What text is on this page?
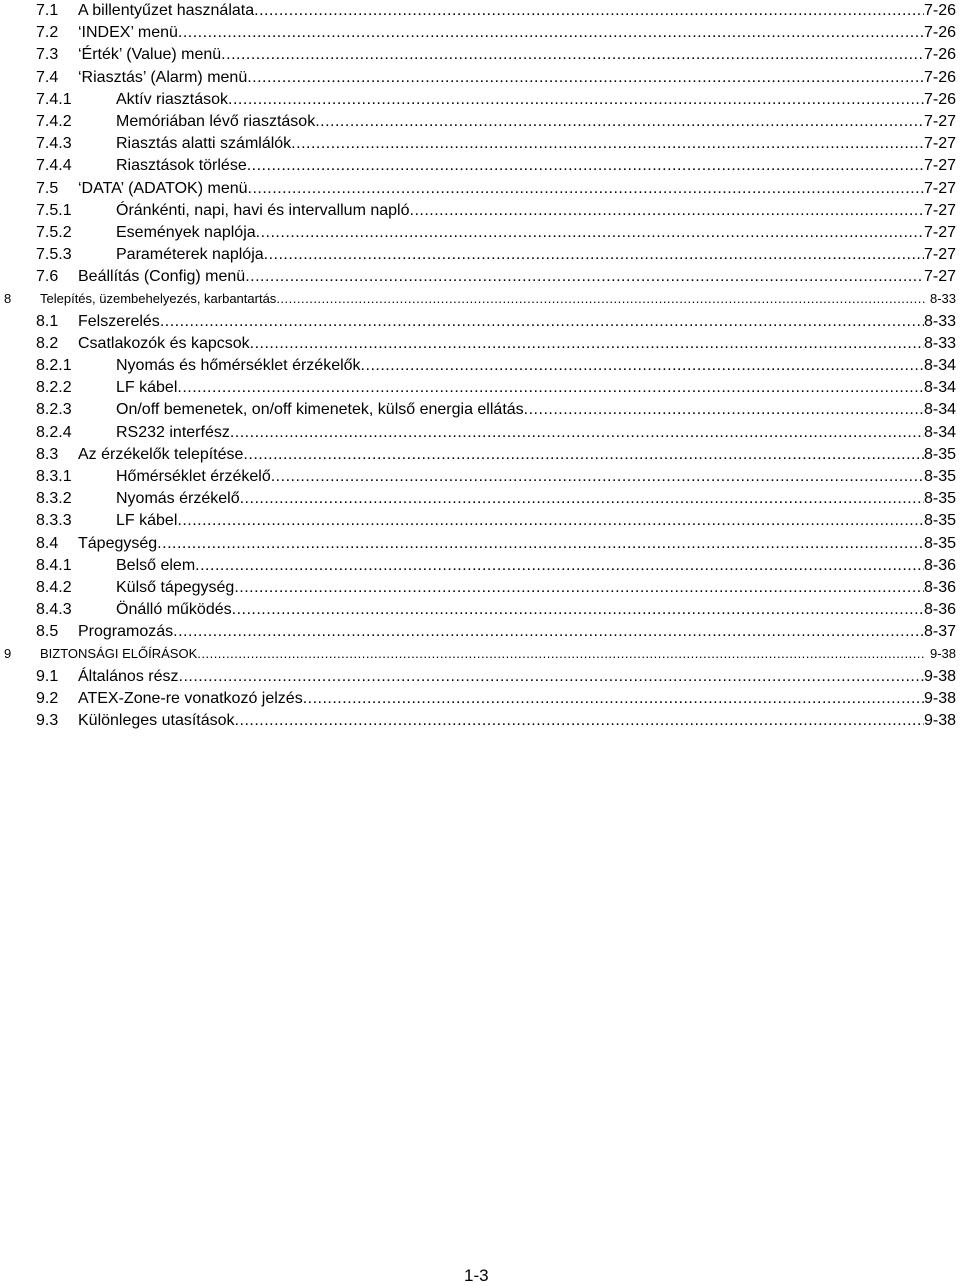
7.1 A billentyűzet használata .....	7-26
7.2 ‘INDEX’ menü .....	7-26
7.3 ‘Érték’ (Value) menü .....	7-26
7.4 ‘Riasztás’ (Alarm) menü .....	7-26
7.4.1	Aktív riasztások .....	7-26
7.4.2	Memóriában lévő riasztások .....	7-27
7.4.3	Riasztás alatti számlálók .....	7-27
7.4.4	Riasztások törlése .....	7-27
7.5 ‘DATA’ (ADATOK) menü .....	7-27
7.5.1	Óránkénti, napi, havi és intervallum napló .....	7-27
7.5.2	Események naplója .....	7-27
7.5.3	Paraméterek naplója .....	7-27
7.6 Beállítás (Config) menü .....	7-27
8 Telepítés, üzembehelyezés, karbantartás .....	8-33
8.1 Felszerelés .....	8-33
8.2 Csatlakozók és kapcsok .....	8-33
8.2.1	Nyomás és hőmérséklet érzékelők .....	8-34
8.2.2	LF kábel .....	8-34
8.2.3	On/off bemenetek, on/off kimenetek, külső energia ellátás .....	8-34
8.2.4	RS232 interfész .....	8-34
8.3 Az érzékelők telepítése .....	8-35
8.3.1	Hőmérséklet érzékelő .....	8-35
8.3.2	Nyomás érzékelő .....	8-35
8.3.3	LF kábel .....	8-35
8.4 Tápegység .....	8-35
8.4.1	Belső elem .....	8-36
8.4.2	Külső tápegység .....	8-36
8.4.3	Önálló működés .....	8-36
8.5 Programozás .....	8-37
9 BIZTONSÁGI ELŐÍRÁSOK .....	9-38
9.1 Általános rész .....	9-38
9.2 ATEX-Zone-re vonatkozó jelzés .....	9-38
9.3 Különleges utasítások .....	9-38
1-3
